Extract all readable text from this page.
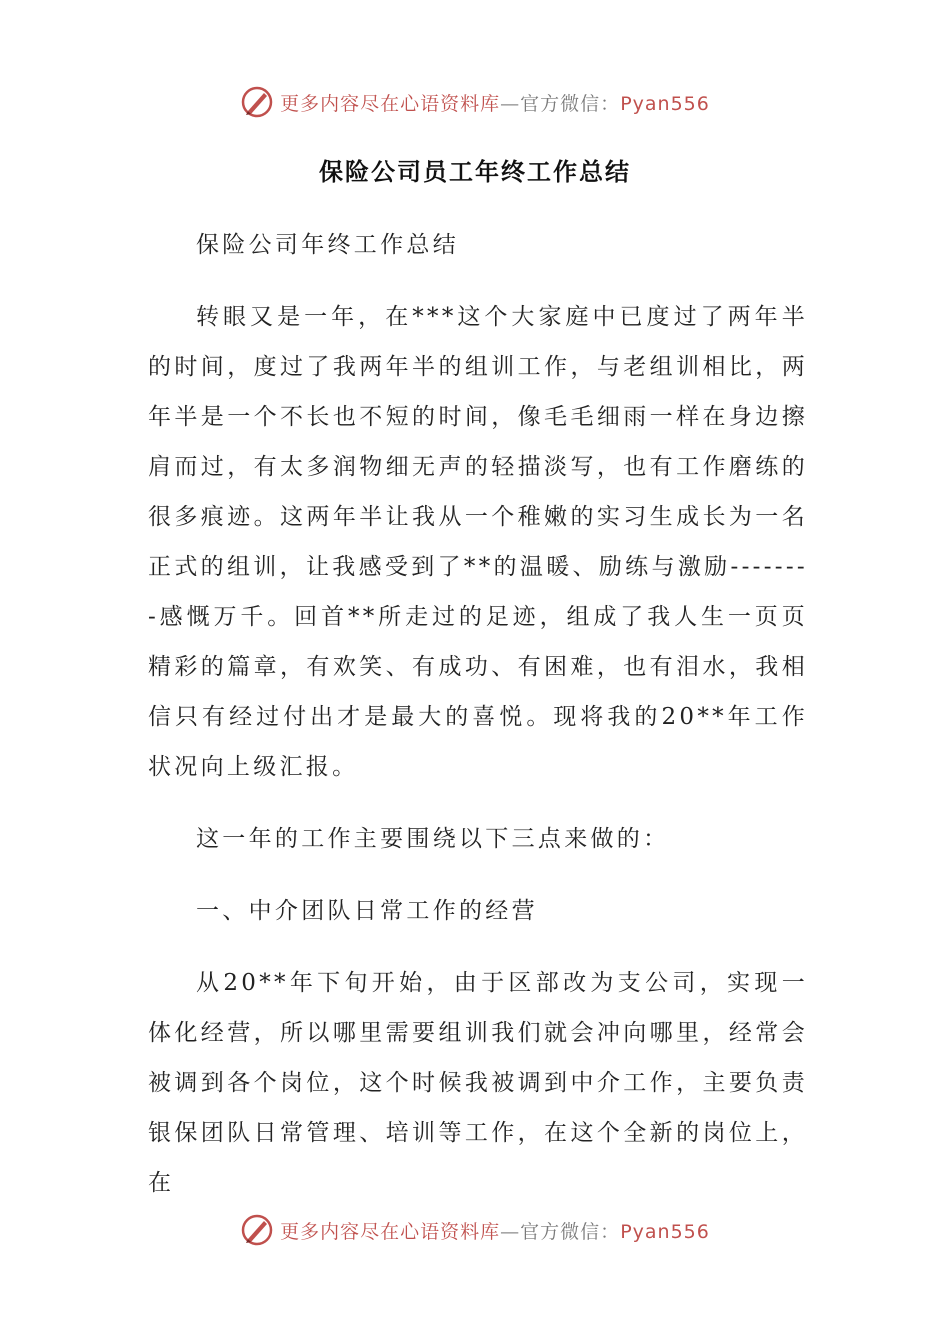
更多内容尽在心语资料库—官方微信：Pyan556
保险公司员工年终工作总结

保险公司年终工作总结

转眼又是一年，在***这个大家庭中已度过了两年半的时间，度过了我两年半的组训工作，与老组训相比，两年半是一个不长也不短的时间，像毛毛细雨一样在身边擦肩而过，有太多润物细无声的轻描淡写，也有工作磨练的很多痕迹。这两年半让我从一个稚嫩的实习生成长为一名正式的组训，让我感受到了**的温暖、励练与激励--------感慨万千。回首**所走过的足迹，组成了我人生一页页精彩的篇章，有欢笑、有成功、有困难，也有泪水，我相信只有经过付出才是最大的喜悦。现将我的20**年工作状况向上级汇报。

这一年的工作主要围绕以下三点来做的：

一、中介团队日常工作的经营

从20**年下旬开始，由于区部改为支公司，实现一体化经营，所以哪里需要组训我们就会冲向哪里，经常会被调到各个岗位，这个时候我被调到中介工作，主要负责银保团队日常管理、培训等工作，在这个全新的岗位上，在

更多内容尽在心语资料库—官方微信：Pyan556
